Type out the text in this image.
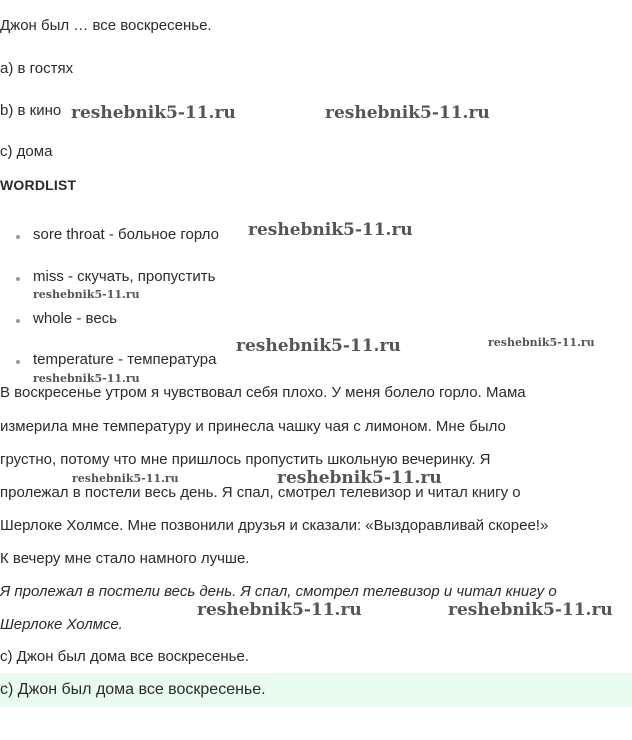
Джон был … все воскресенье.
a) в гостях
b) в кино
c) дома
WORDLIST
sore throat - больное горло
miss - скучать, пропустить
whole - весь
temperature - температура
В воскресенье утром я чувствовал себя плохо. У меня болело горло. Мама
измерила мне температуру и принесла чашку чая с лимоном. Мне было
грустно, потому что мне пришлось пропустить школьную вечеринку. Я
пролежал в постели весь день. Я спал, смотрел телевизор и читал книгу о
Шерлоке Холмсе. Мне позвонили друзья и сказали: «Выздоравливай скорее!»
К вечеру мне стало намного лучше.
Я пролежал в постели весь день. Я спал, смотрел телевизор и читал книгу о
Шерлоке Холмсе.
c) Джон был дома все воскресенье.
c) Джон был дома все воскресенье.
reshebnik5-11.ru	reshebnik5-11.ru
reshebnik5-11.ru
reshebnik5-11.ru
reshebnik5-11.ru	reshebnik5-11.ru
reshebnik5-11.ru
reshebnik5-11.ru	reshebnik5-11.ru
reshebnik5-11.ru	reshebnik5-11.ru
